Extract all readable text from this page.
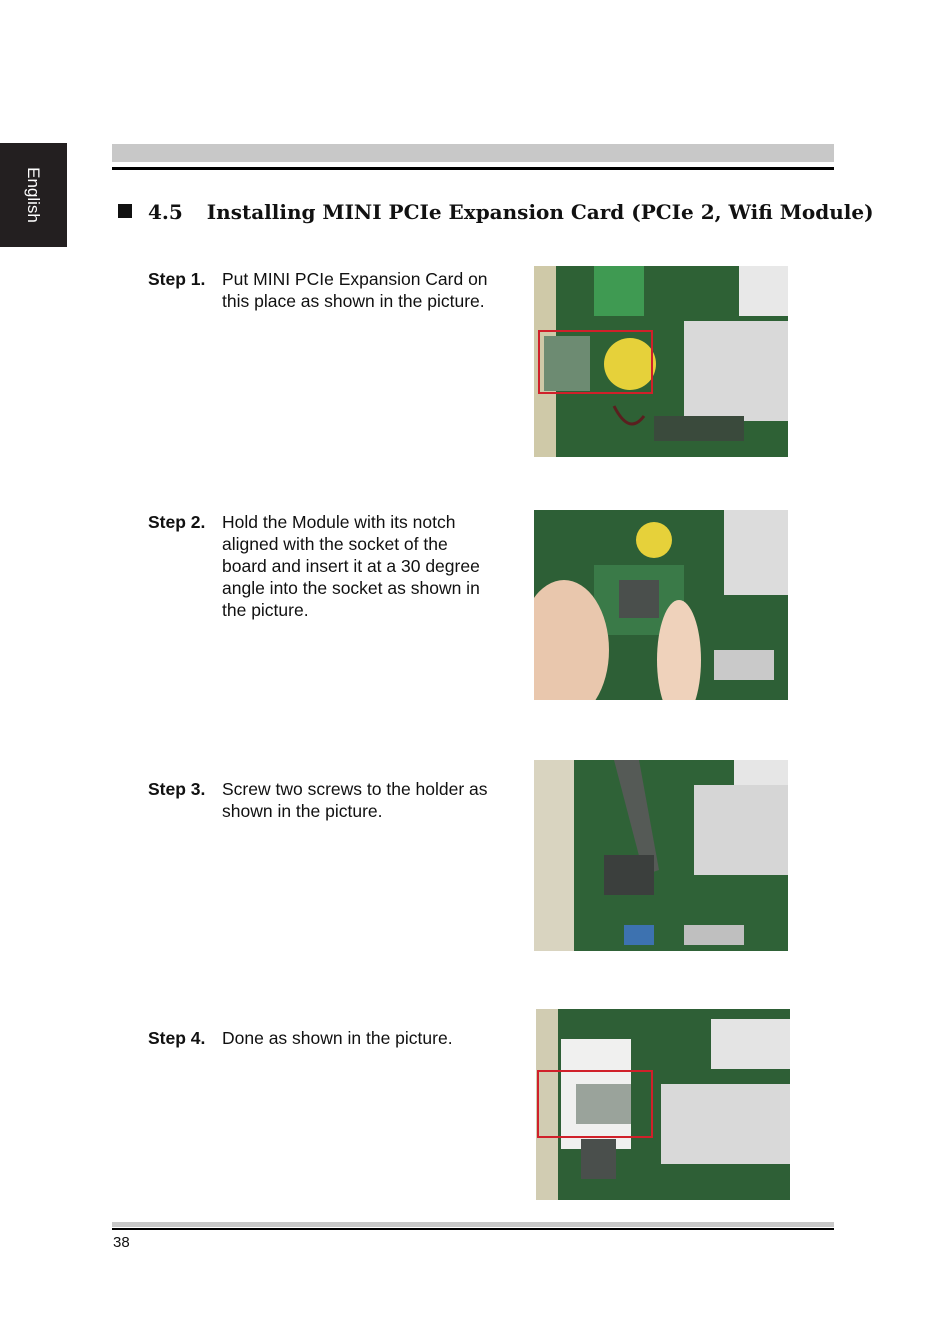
English	4.5 Installing MINI PCIe Expansion Card (PCIe 2, Wifi Module)
Step 1. Put MINI PCIe Expansion Card on this place as shown in the picture.
Step 2. Hold the Module with its notch aligned with the socket of the board and insert it at a 30 degree angle into the socket as shown in the picture.
Step 3. Screw two screws to the holder as shown in the picture.
Step 4. Done as shown in the picture.
38
